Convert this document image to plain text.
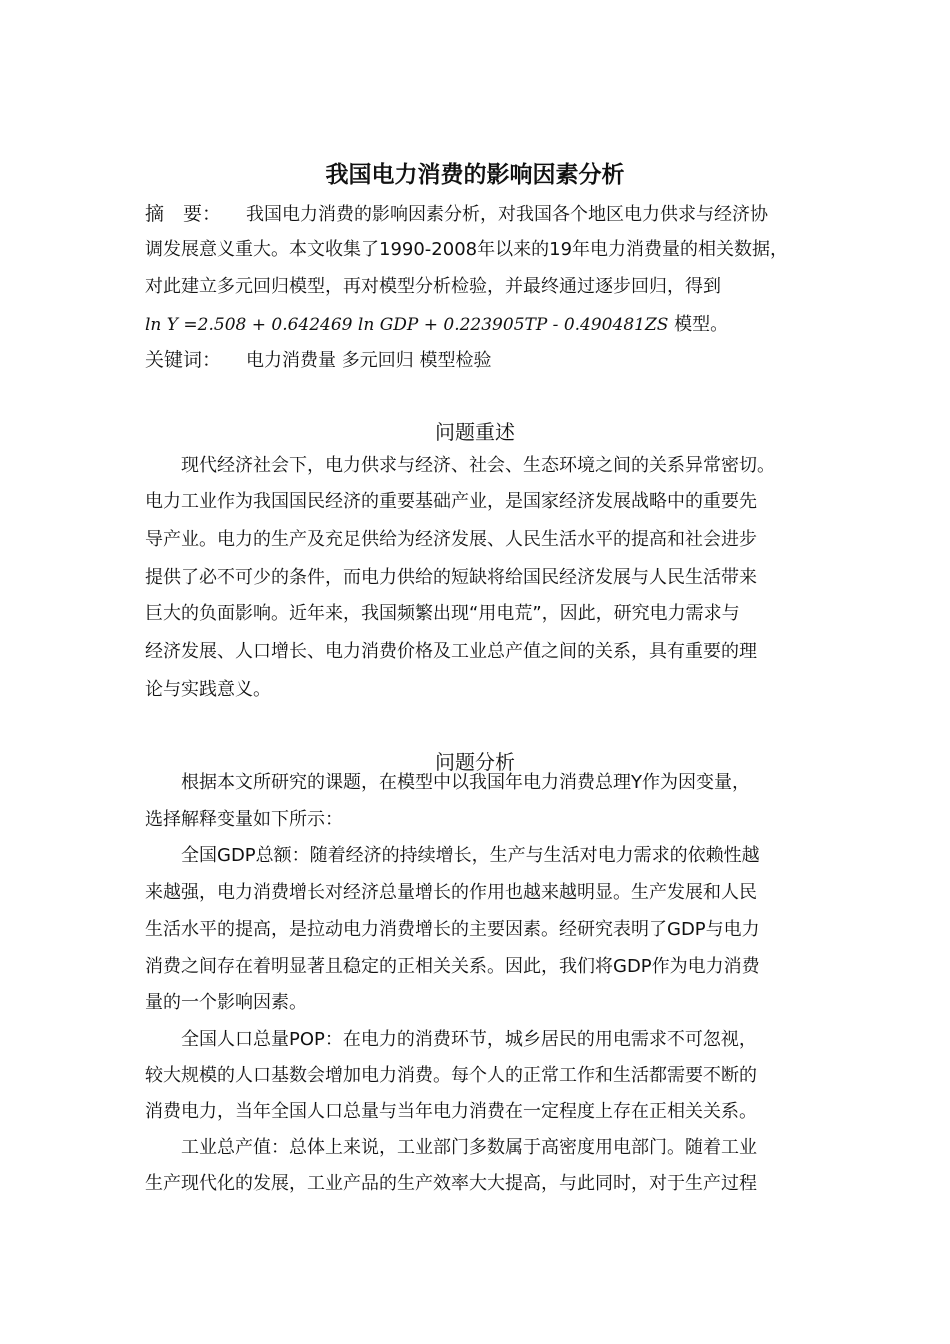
我国电力消费的影响因素分析
摘　要： 我国电力消费的影响因素分析，对我国各个地区电力供求与经济协
调发展意义重大。本文收集了1990-2008年以来的19年电力消费量的相关数据，
对此建立多元回归模型，再对模型分析检验，并最终通过逐步回归，得到
ln Y =2.508 + 0.642469 ln GDP + 0.223905TP - 0.490481ZS 模型。
关键词： 电力消费量 多元回归 模型检验
问题重述
现代经济社会下，电力供求与经济、社会、生态环境之间的关系异常密切。
电力工业作为我国国民经济的重要基础产业，是国家经济发展战略中的重要先
导产业。电力的生产及充足供给为经济发展、人民生活水平的提高和社会进步
提供了必不可少的条件，而电力供给的短缺将给国民经济发展与人民生活带来
巨大的负面影响。近年来，我国频繁出现“用电荒”，因此，研究电力需求与
经济发展、人口增长、电力消费价格及工业总产值之间的关系，具有重要的理
论与实践意义。
问题分析
根据本文所研究的课题，在模型中以我国年电力消费总理Y作为因变量，
选择解释变量如下所示：
全国GDP总额：随着经济的持续增长，生产与生活对电力需求的依赖性越
来越强，电力消费增长对经济总量增长的作用也越来越明显。生产发展和人民
生活水平的提高，是拉动电力消费增长的主要因素。经研究表明了GDP与电力
消费之间存在着明显著且稳定的正相关关系。因此，我们将GDP作为电力消费
量的一个影响因素。
全国人口总量POP：在电力的消费环节，城乡居民的用电需求不可忽视，
较大规模的人口基数会增加电力消费。每个人的正常工作和生活都需要不断的
消费电力，当年全国人口总量与当年电力消费在一定程度上存在正相关关系。
工业总产值：总体上来说，工业部门多数属于高密度用电部门。随着工业
生产现代化的发展，工业产品的生产效率大大提高，与此同时，对于生产过程
